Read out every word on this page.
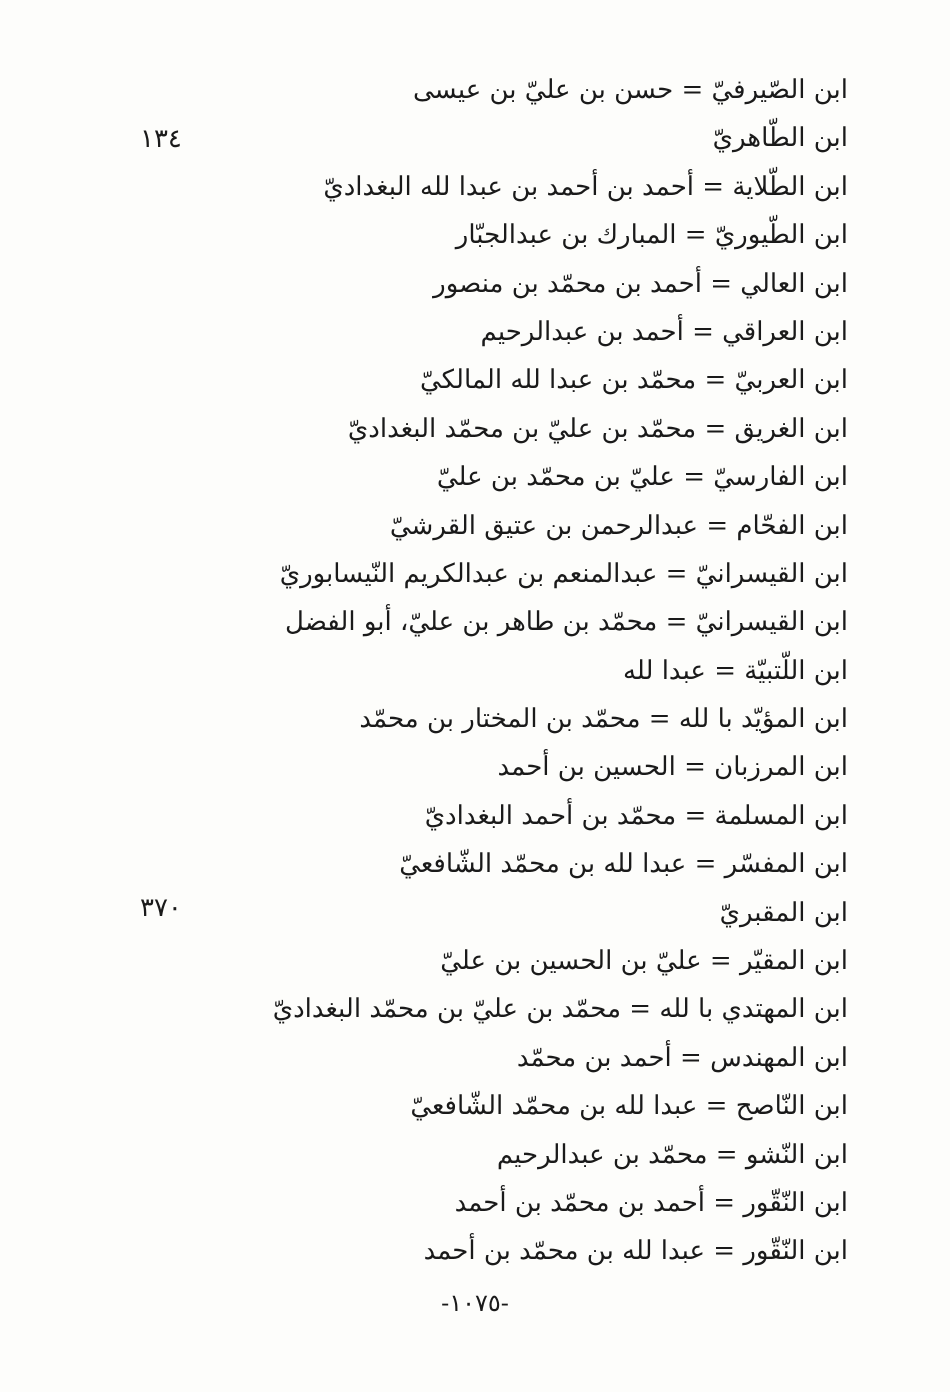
١٣٤
٣٧٠
ابن الصّيرفيّ = حسن بن عليّ بن عيسى
ابن الطّاهريّ
ابن الطّلاية = أحمد بن أحمد بن عبدا لله البغداديّ
ابن الطّيوريّ = المبارك بن عبدالجبّار
ابن العالي = أحمد بن محمّد بن منصور
ابن العراقي = أحمد بن عبدالرحيم
ابن العربيّ = محمّد بن عبدا لله المالكيّ
ابن الغريق = محمّد بن عليّ بن محمّد البغداديّ
ابن الفارسيّ = عليّ بن محمّد بن عليّ
ابن الفحّام = عبدالرحمن بن عتيق القرشيّ
ابن القيسرانيّ = عبدالمنعم بن عبدالكريم النّيسابوريّ
ابن القيسرانيّ = محمّد بن طاهر بن عليّ، أبو الفضل
ابن اللّتبيّة = عبدا لله
ابن المؤيّد با لله = محمّد بن المختار بن محمّد
ابن المرزبان = الحسين بن أحمد
ابن المسلمة = محمّد بن أحمد البغداديّ
ابن المفسّر = عبدا لله بن محمّد الشّافعيّ
ابن المقبريّ
ابن المقيّر = عليّ بن الحسين بن عليّ
ابن المهتدي با لله = محمّد بن عليّ بن محمّد البغداديّ
ابن المهندس = أحمد بن محمّد
ابن النّاصح = عبدا لله بن محمّد الشّافعيّ
ابن النّشو = محمّد بن عبدالرحيم
ابن النّقّور = أحمد بن محمّد بن أحمد
ابن النّقّور = عبدا لله بن محمّد بن أحمد
-١٠٧٥-
